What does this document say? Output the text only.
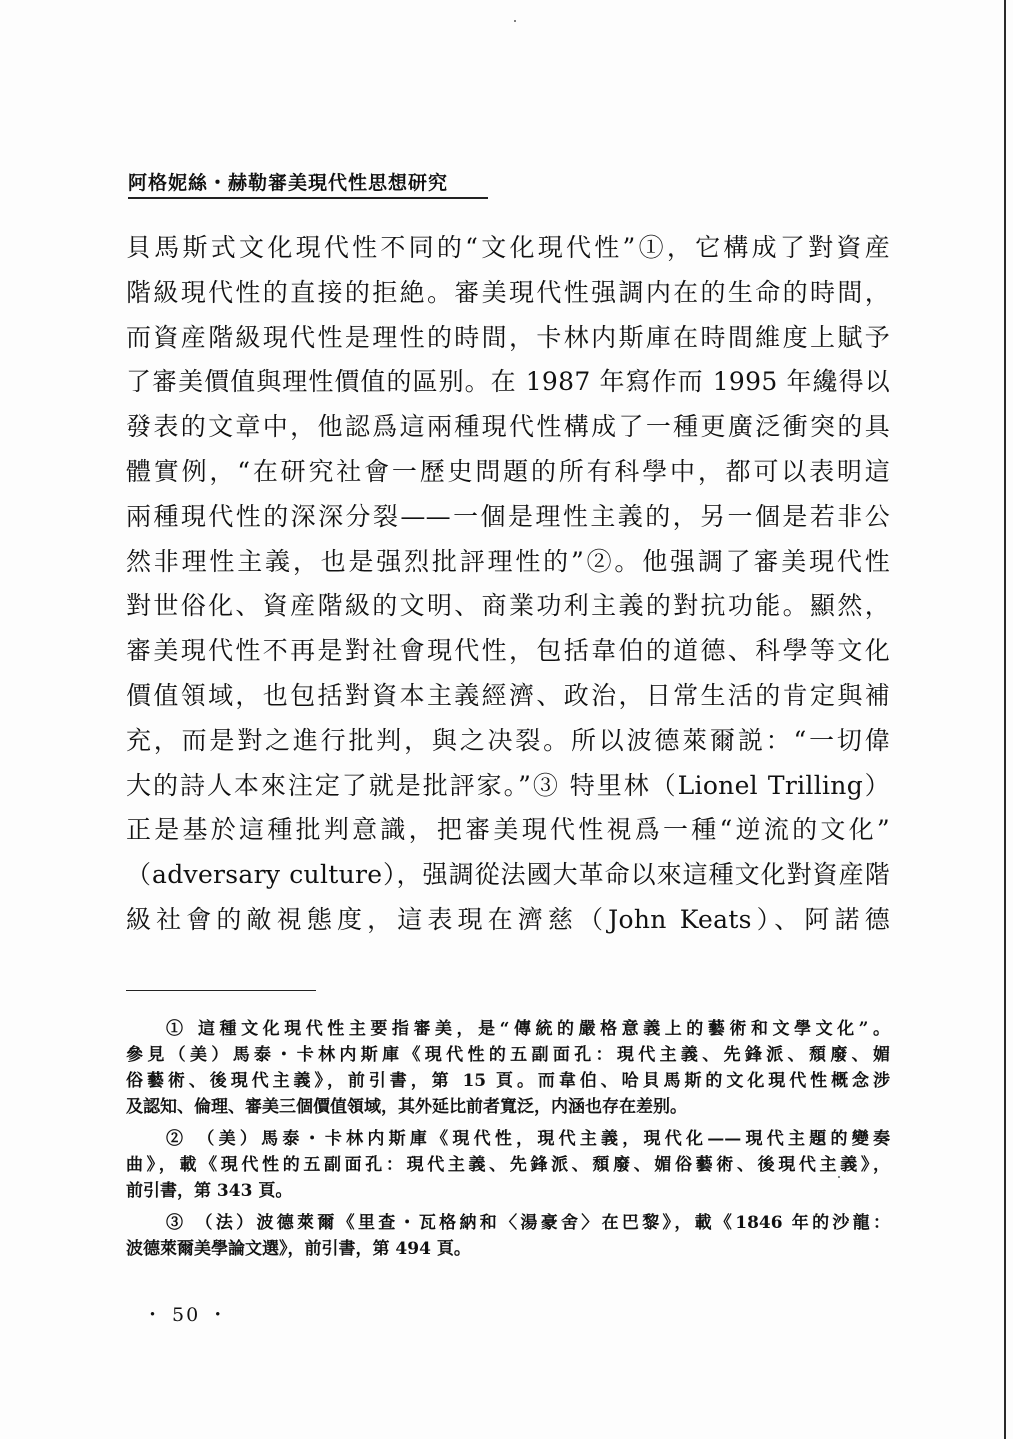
阿格妮絲・赫勒審美現代性思想研究
貝馬斯式文化現代性不同的“文化現代性”①，它構成了對資産
階級現代性的直接的拒絶。審美現代性强調内在的生命的時間，
而資産階級現代性是理性的時間，卡林内斯庫在時間維度上賦予
了審美價值與理性價值的區别。在 1987 年寫作而 1995 年纔得以
發表的文章中，他認爲這兩種現代性構成了一種更廣泛衝突的具
體實例，“在研究社會一歷史問題的所有科學中，都可以表明這
兩種現代性的深深分裂——一個是理性主義的，另一個是若非公
然非理性主義，也是强烈批評理性的”②。他强調了審美現代性
對世俗化、資産階級的文明、商業功利主義的對抗功能。顯然，
審美現代性不再是對社會現代性，包括韋伯的道德、科學等文化
價值領域，也包括對資本主義經濟、政治，日常生活的肯定與補
充，而是對之進行批判，與之决裂。所以波德萊爾説：“一切偉
大的詩人本來注定了就是批評家。”③ 特里林（Lionel Trilling）
正是基於這種批判意識，把審美現代性視爲一種“逆流的文化”
（adversary culture），强調從法國大革命以來這種文化對資産階
級社會的敵視態度，這表現在濟慈（John Keats）、阿諾德
① 這種文化現代性主要指審美，是“傳統的嚴格意義上的藝術和文學文化”。
參見（美）馬泰・卡林内斯庫《現代性的五副面孔：現代主義、先鋒派、頹廢、媚
俗藝術、後現代主義》，前引書，第 15 頁。而韋伯、哈貝馬斯的文化現代性概念涉
及認知、倫理、審美三個價值領域，其外延比前者寬泛，内涵也存在差别。
② （美）馬泰・卡林内斯庫《現代性，現代主義，現代化——現代主題的變奏
曲》，載《現代性的五副面孔：現代主義、先鋒派、頹廢、媚俗藝術、後現代主義》，
前引書，第 343 頁。
③ （法）波德萊爾《里查・瓦格納和〈湯豪舍〉在巴黎》，載《1846 年的沙龍：
波德萊爾美學論文選》，前引書，第 494 頁。
・ 50 ・
